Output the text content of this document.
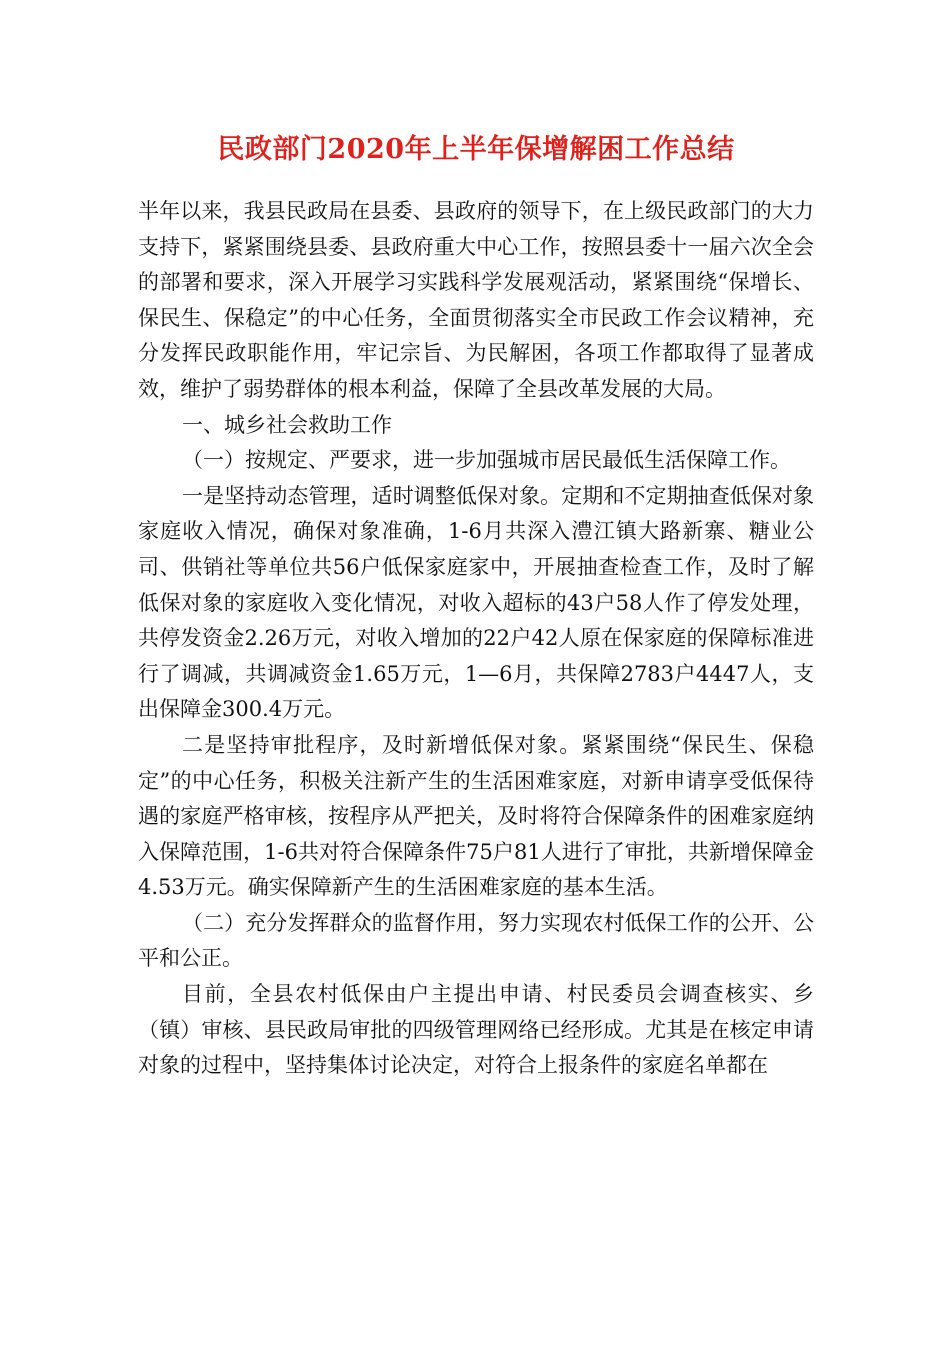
民政部门2020年上半年保增解困工作总结

半年以来，我县民政局在县委、县政府的领导下，在上级民政部门的大力支持下，紧紧围绕县委、县政府重大中心工作，按照县委十一届六次全会的部署和要求，深入开展学习实践科学发展观活动，紧紧围绕“保增长、保民生、保稳定”的中心任务，全面贯彻落实全市民政工作会议精神，充分发挥民政职能作用，牢记宗旨、为民解困，各项工作都取得了显著成效，维护了弱势群体的根本利益，保障了全县改革发展的大局。

一、城乡社会救助工作

（一）按规定、严要求，进一步加强城市居民最低生活保障工作。

一是坚持动态管理，适时调整低保对象。定期和不定期抽查低保对象家庭收入情况，确保对象准确，1-6月共深入澧江镇大路新寨、糖业公司、供销社等单位共56户低保家庭家中，开展抽查检查工作，及时了解低保对象的家庭收入变化情况，对收入超标的43户58人作了停发处理，共停发资金2.26万元，对收入增加的22户42人原在保家庭的保障标准进行了调减，共调减资金1.65万元，1—6月，共保障2783户4447人，支出保障金300.4万元。

二是坚持审批程序，及时新增低保对象。紧紧围绕“保民生、保稳定”的中心任务，积极关注新产生的生活困难家庭，对新申请享受低保待遇的家庭严格审核，按程序从严把关，及时将符合保障条件的困难家庭纳入保障范围，1-6共对符合保障条件75户81人进行了审批，共新增保障金4.53万元。确实保障新产生的生活困难家庭的基本生活。

（二）充分发挥群众的监督作用，努力实现农村低保工作的公开、公平和公正。

目前，全县农村低保由户主提出申请、村民委员会调查核实、乡（镇）审核、县民政局审批的四级管理网络已经形成。尤其是在核定申请对象的过程中，坚持集体讨论决定，对符合上报条件的家庭名单都在
